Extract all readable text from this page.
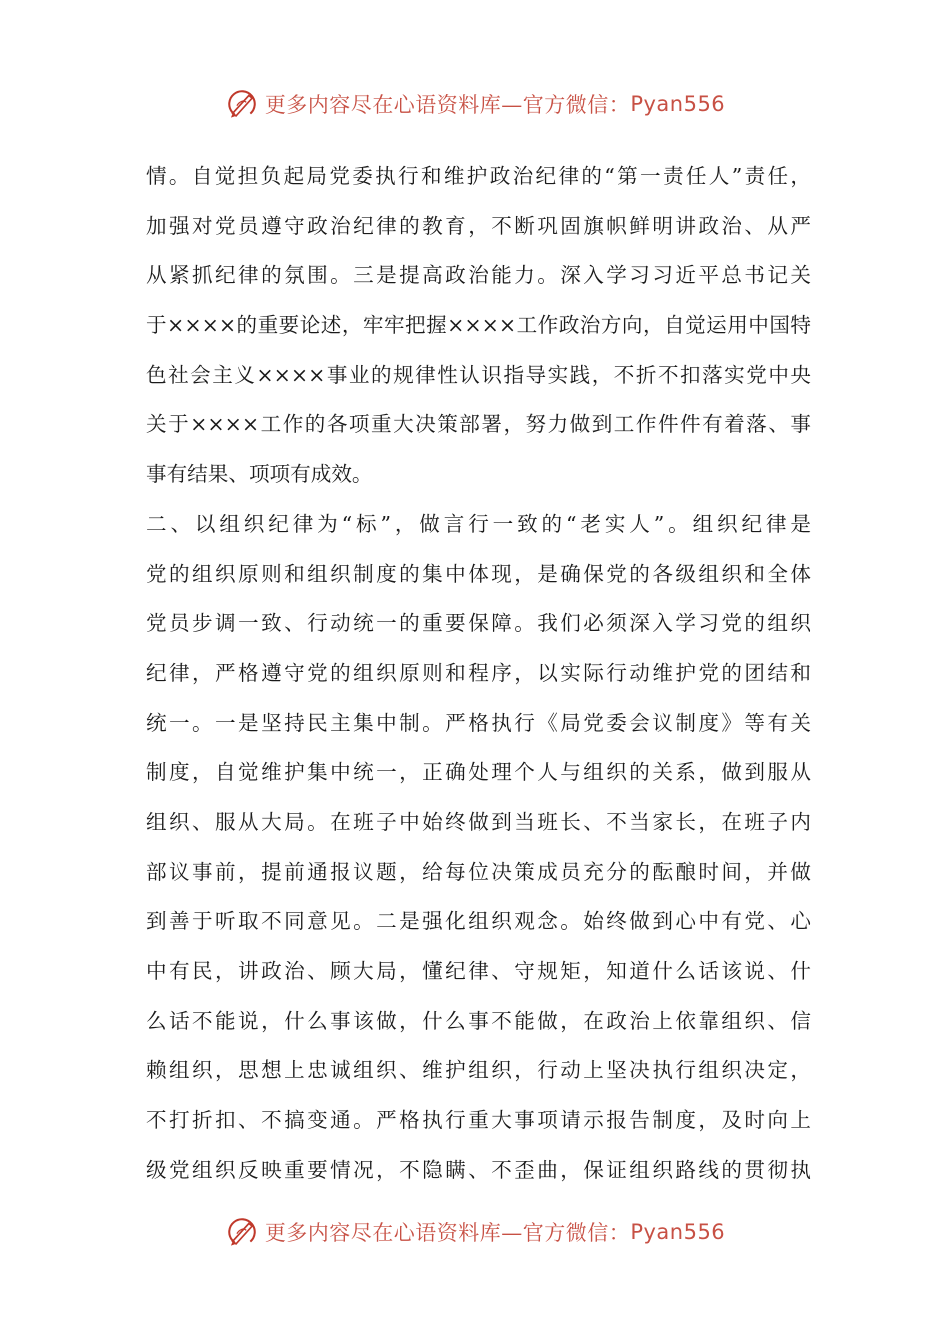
更多内容尽在心语资料库—官方微信： Pyan556
情。自觉担负起局党委执行和维护政治纪律的“第一责任人”责任，
加强对党员遵守政治纪律的教育，不断巩固旗帜鲜明讲政治、从严
从紧抓纪律的氛围。三是提高政治能力。深入学习习近平总书记关
于××××的重要论述，牢牢把握××××工作政治方向，自觉运用中国特
色社会主义××××事业的规律性认识指导实践，不折不扣落实党中央
关于××××工作的各项重大决策部署，努力做到工作件件有着落、事
事有结果、项项有成效。
二、以组织纪律为“标”，做言行一致的“老实人”。组织纪律是
党的组织原则和组织制度的集中体现，是确保党的各级组织和全体
党员步调一致、行动统一的重要保障。我们必须深入学习党的组织
纪律，严格遵守党的组织原则和程序，以实际行动维护党的团结和
统一。一是坚持民主集中制。严格执行《局党委会议制度》等有关
制度，自觉维护集中统一，正确处理个人与组织的关系，做到服从
组织、服从大局。在班子中始终做到当班长、不当家长，在班子内
部议事前，提前通报议题，给每位决策成员充分的酝酿时间，并做
到善于听取不同意见。二是强化组织观念。始终做到心中有党、心
中有民，讲政治、顾大局，懂纪律、守规矩，知道什么话该说、什
么话不能说，什么事该做，什么事不能做，在政治上依靠组织、信
赖组织，思想上忠诚组织、维护组织，行动上坚决执行组织决定，
不打折扣、不搞变通。严格执行重大事项请示报告制度，及时向上
级党组织反映重要情况，不隐瞒、不歪曲，保证组织路线的贯彻执
更多内容尽在心语资料库—官方微信： Pyan556
